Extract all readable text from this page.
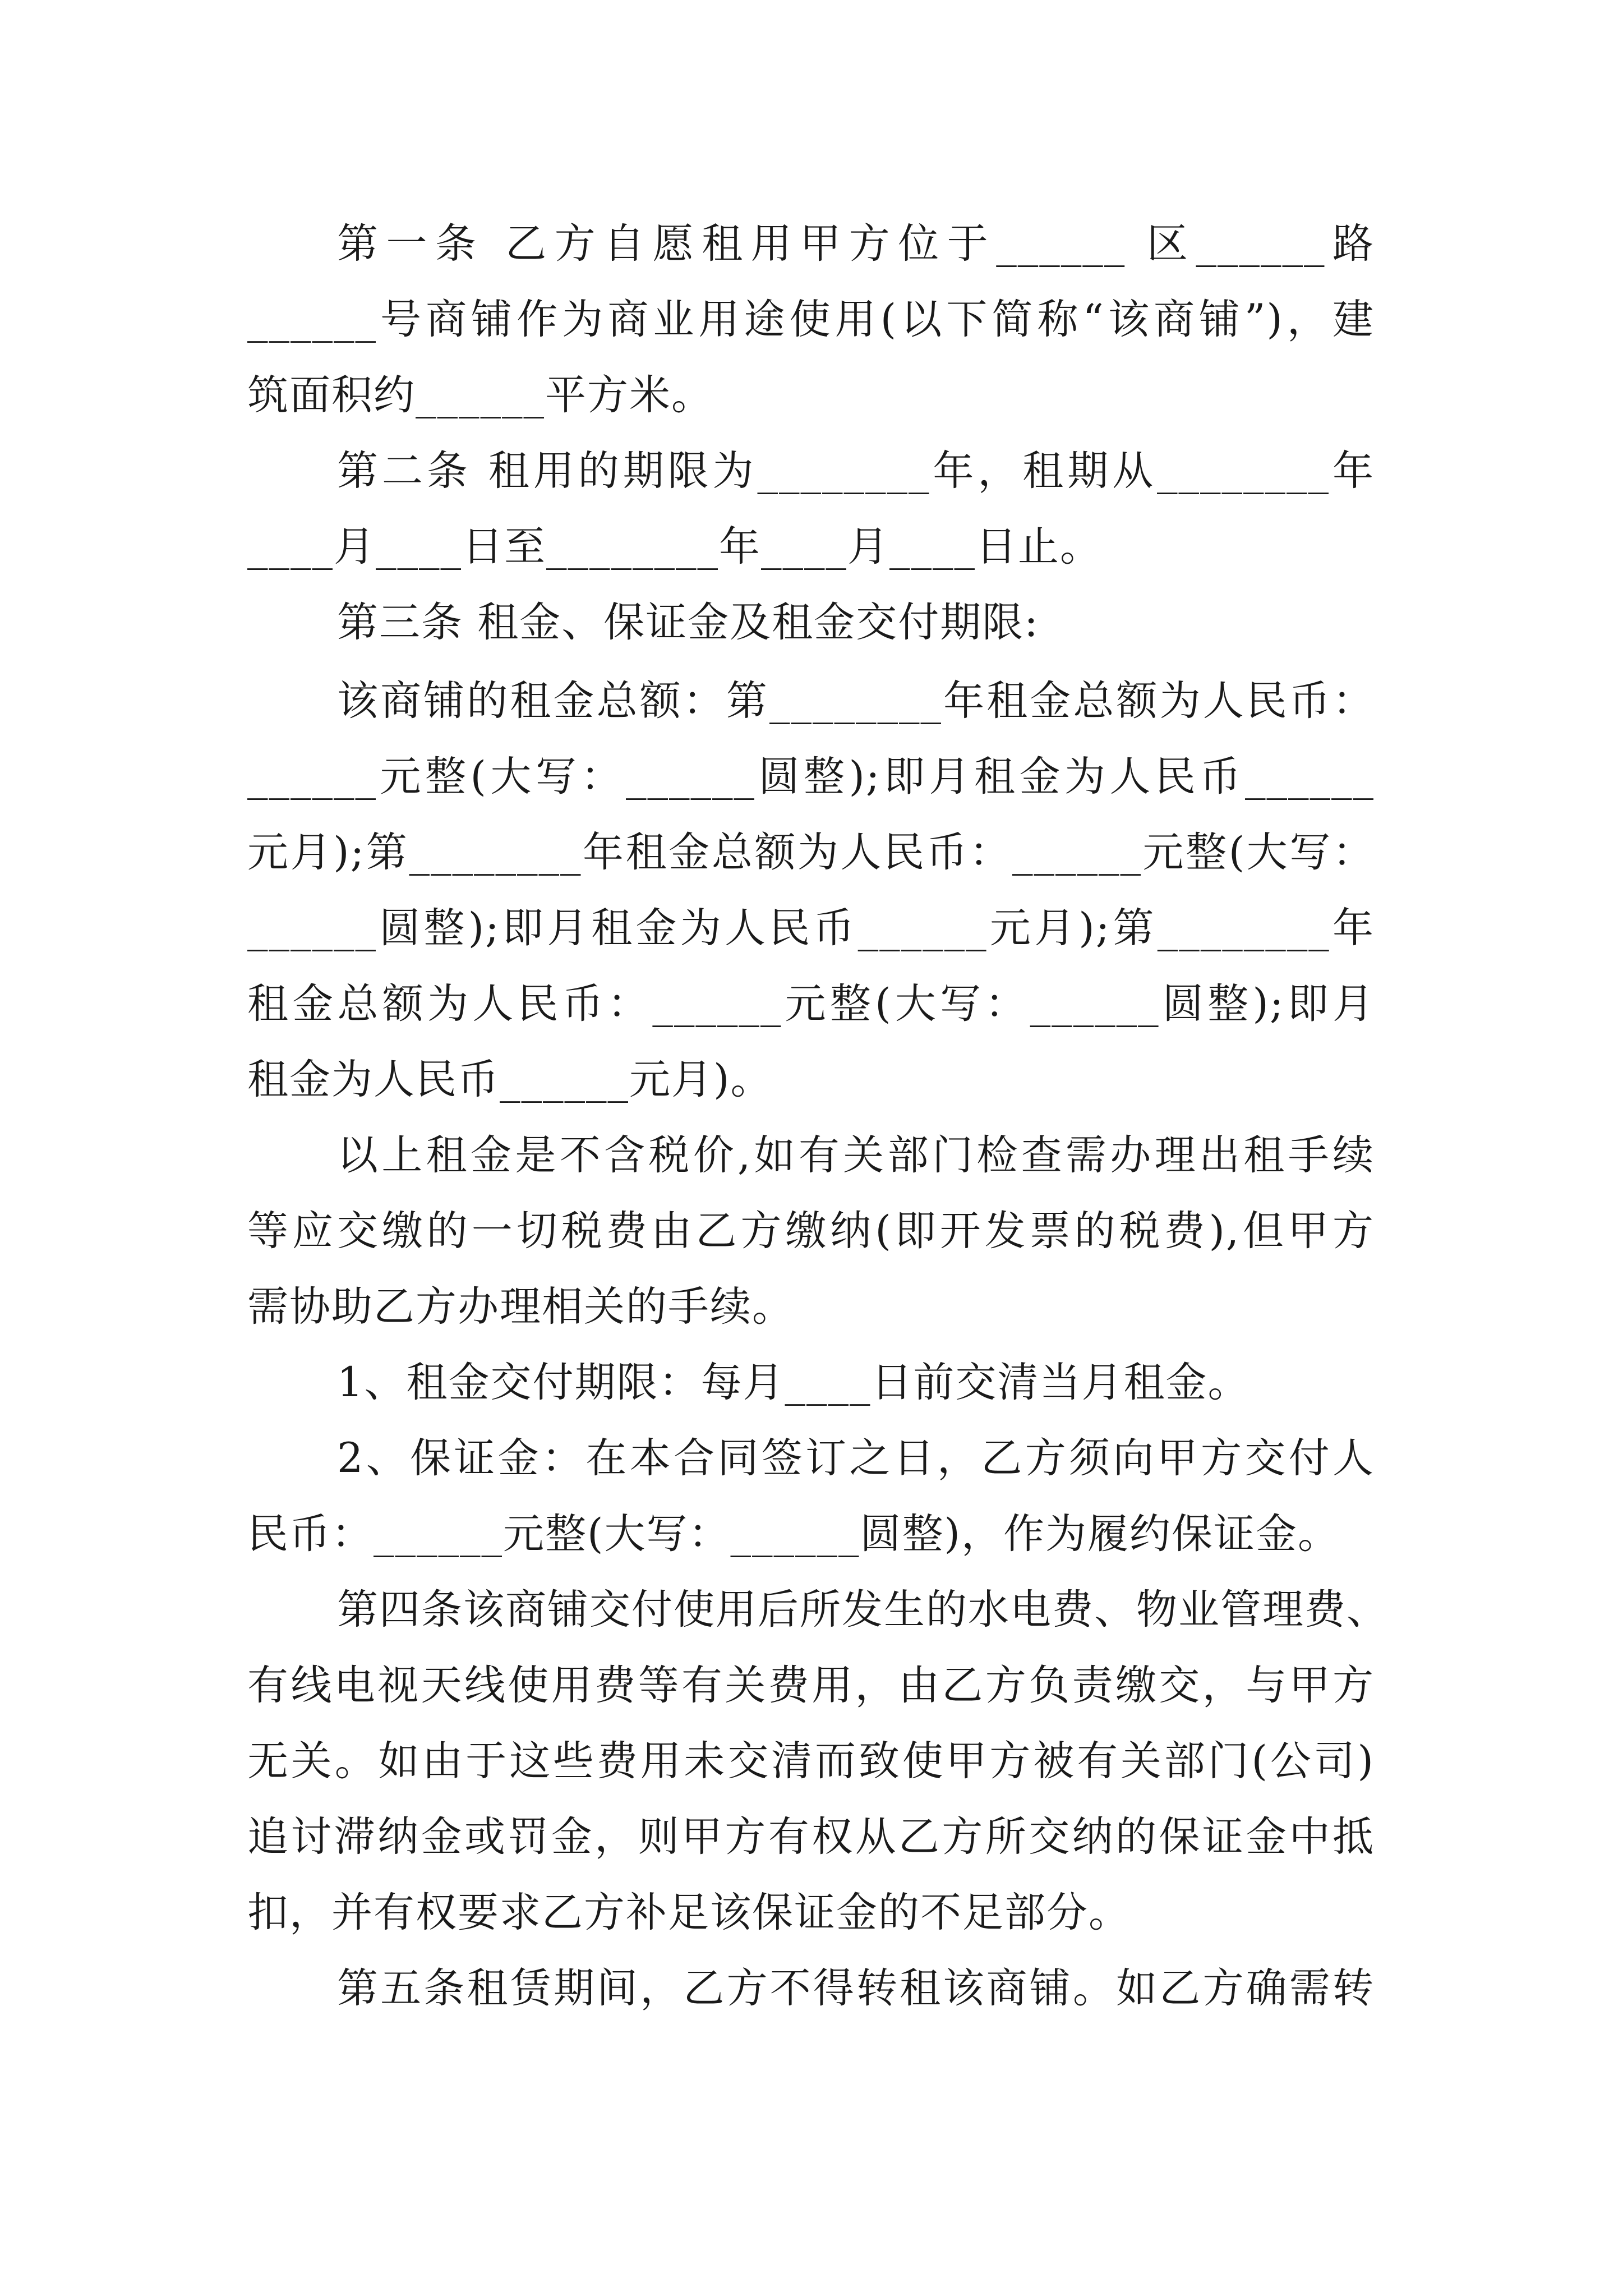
第一条 乙方自愿租用甲方位于______ 区______路
______号商铺作为商业用途使用(以下简称“该商铺”)，建
筑面积约______平方米。
第二条 租用的期限为________年，租期从________年
____月____日至________年____月____日止。
第三条 租金、保证金及租金交付期限:
该商铺的租金总额：第________年租金总额为人民币：
______元整(大写：______圆整);即月租金为人民币______
元月);第________年租金总额为人民币：______元整(大写：
______圆整);即月租金为人民币______元月);第________年
租金总额为人民币：______元整(大写：______圆整);即月
租金为人民币______元月)。
以上租金是不含税价,如有关部门检查需办理出租手续
等应交缴的一切税费由乙方缴纳(即开发票的税费),但甲方
需协助乙方办理相关的手续。
1、租金交付期限：每月____日前交清当月租金。
2、保证金：在本合同签订之日，乙方须向甲方交付人
民币：______元整(大写：______圆整)，作为履约保证金。
第四条该商铺交付使用后所发生的水电费、物业管理费、
有线电视天线使用费等有关费用，由乙方负责缴交，与甲方
无关。如由于这些费用未交清而致使甲方被有关部门(公司)
追讨滞纳金或罚金，则甲方有权从乙方所交纳的保证金中抵
扣，并有权要求乙方补足该保证金的不足部分。
第五条租赁期间，乙方不得转租该商铺。如乙方确需转
